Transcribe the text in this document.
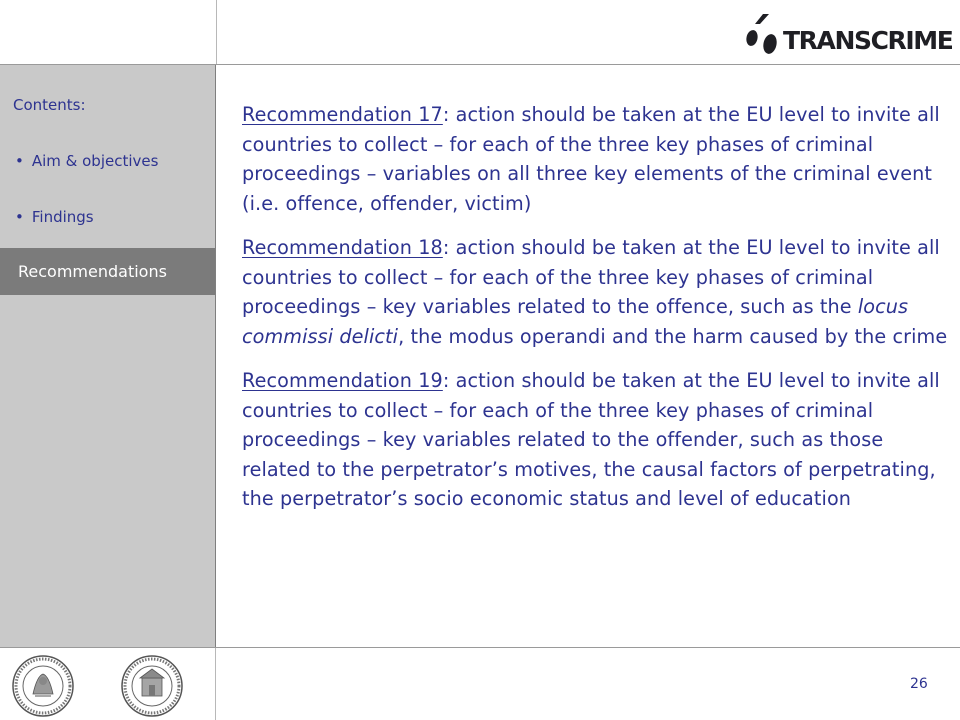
TRANSCRIME
Contents:
• Aim & objectives
• Findings
Recommendations

Recommendation 17: action should be taken at the EU level to invite all countries to collect – for each of the three key phases of criminal proceedings – variables on all three key elements of the criminal event (i.e. offence, offender, victim)

Recommendation 18: action should be taken at the EU level to invite all countries to collect – for each of the three key phases of criminal proceedings – key variables related to the offence, such as the locus commissi delicti, the modus operandi and the harm caused by the crime

Recommendation 19: action should be taken at the EU level to invite all countries to collect – for each of the three key phases of criminal proceedings – key variables related to the offender, such as those related to the perpetrator’s motives, the causal factors of perpetrating, the perpetrator’s socio economic status and level of education

26
